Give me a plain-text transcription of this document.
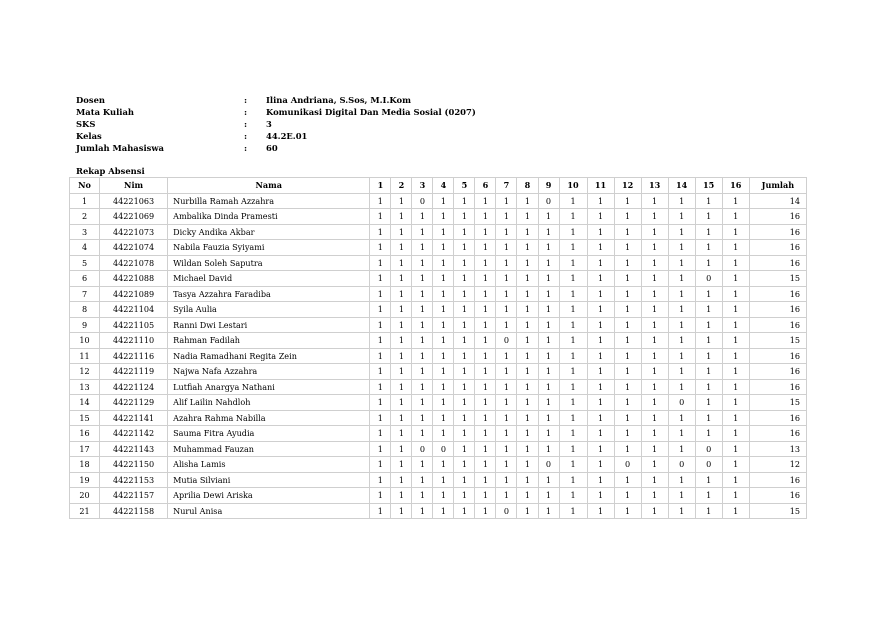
Dosen	:	Ilina Andriana, S.Sos, M.I.Kom
Mata Kuliah	:	Komunikasi Digital Dan Media Sosial (0207)
SKS	:	3
Kelas	:	44.2E.01
Jumlah Mahasiswa	:	60
Rekap Absensi
No	Nim	Nama	1	2	3	4	5	6	7	8	9	10	11	12	13	14	15	16	Jumlah
1	44221063	Nurbilla Ramah Azzahra	1	1	0	1	1	1	1	1	0	1	1	1	1	1	1	1	14
2	44221069	Ambalika Dinda Pramesti	1	1	1	1	1	1	1	1	1	1	1	1	1	1	1	1	16
3	44221073	Dicky Andika Akbar	1	1	1	1	1	1	1	1	1	1	1	1	1	1	1	1	16
4	44221074	Nabila Fauzia Syiyami	1	1	1	1	1	1	1	1	1	1	1	1	1	1	1	1	16
5	44221078	Wildan Soleh Saputra	1	1	1	1	1	1	1	1	1	1	1	1	1	1	1	1	16
6	44221088	Michael David	1	1	1	1	1	1	1	1	1	1	1	1	1	1	0	1	15
7	44221089	Tasya Azzahra Faradiba	1	1	1	1	1	1	1	1	1	1	1	1	1	1	1	1	16
8	44221104	Syila Aulia	1	1	1	1	1	1	1	1	1	1	1	1	1	1	1	1	16
9	44221105	Ranni Dwi Lestari	1	1	1	1	1	1	1	1	1	1	1	1	1	1	1	1	16
10	44221110	Rahman Fadilah	1	1	1	1	1	1	0	1	1	1	1	1	1	1	1	1	15
11	44221116	Nadia Ramadhani Regita Zein	1	1	1	1	1	1	1	1	1	1	1	1	1	1	1	1	16
12	44221119	Najwa Nafa Azzahra	1	1	1	1	1	1	1	1	1	1	1	1	1	1	1	1	16
13	44221124	Lutfiah Anargya Nathani	1	1	1	1	1	1	1	1	1	1	1	1	1	1	1	1	16
14	44221129	Alif Lailin Nahdloh	1	1	1	1	1	1	1	1	1	1	1	1	1	0	1	1	15
15	44221141	Azahra Rahma Nabilla	1	1	1	1	1	1	1	1	1	1	1	1	1	1	1	1	16
16	44221142	Sauma Fitra Ayudia	1	1	1	1	1	1	1	1	1	1	1	1	1	1	1	1	16
17	44221143	Muhammad Fauzan	1	1	0	0	1	1	1	1	1	1	1	1	1	1	0	1	13
18	44221150	Alisha Lamis	1	1	1	1	1	1	1	1	0	1	1	0	1	0	0	1	12
19	44221153	Mutia Silviani	1	1	1	1	1	1	1	1	1	1	1	1	1	1	1	1	16
20	44221157	Aprilia Dewi Ariska	1	1	1	1	1	1	1	1	1	1	1	1	1	1	1	1	16
21	44221158	Nurul Anisa	1	1	1	1	1	1	0	1	1	1	1	1	1	1	1	1	15
